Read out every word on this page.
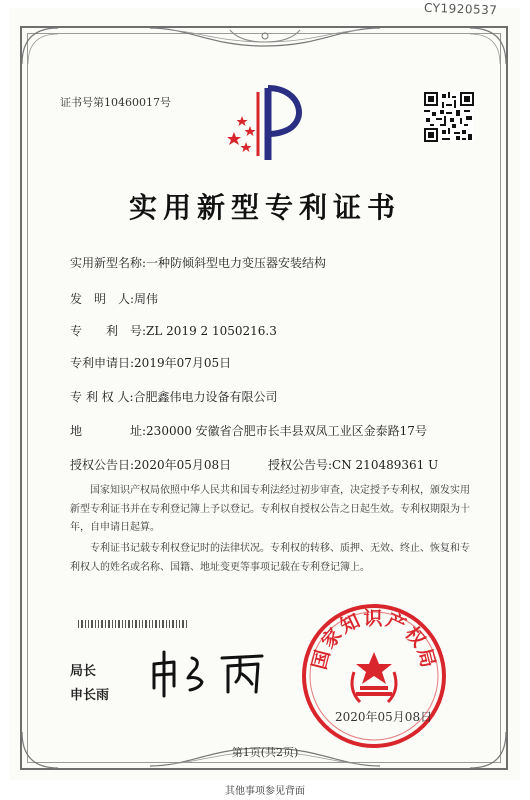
CY1920537
证书号第10460017号
实用新型专利证书
实用新型名称:一种防倾斜型电力变压器安装结构
发　明　人:周伟
专　　利　号:ZL 2019 2 1050216.3
专利申请日:2019年07月05日
专 利 权 人:合肥鑫伟电力设备有限公司
地　　　　址:230000 安徽省合肥市长丰县双凤工业区金泰路17号
授权公告日:2020年05月08日	授权公告号:CN 210489361 U
国家知识产权局依照中华人民共和国专利法经过初步审查，决定授予专利权，颁发实用新型专利证书并在专利登记簿上予以登记。专利权自授权公告之日起生效。专利权期限为十年，自申请日起算。
专利证书记载专利权登记时的法律状况。专利权的转移、质押、无效、终止、恢复和专利权人的姓名或名称、国籍、地址变更等事项记载在专利登记簿上。
局长
申长雨
国家知识产权局
2020年05月08日
第1页(共2页)
其他事项参见背面
